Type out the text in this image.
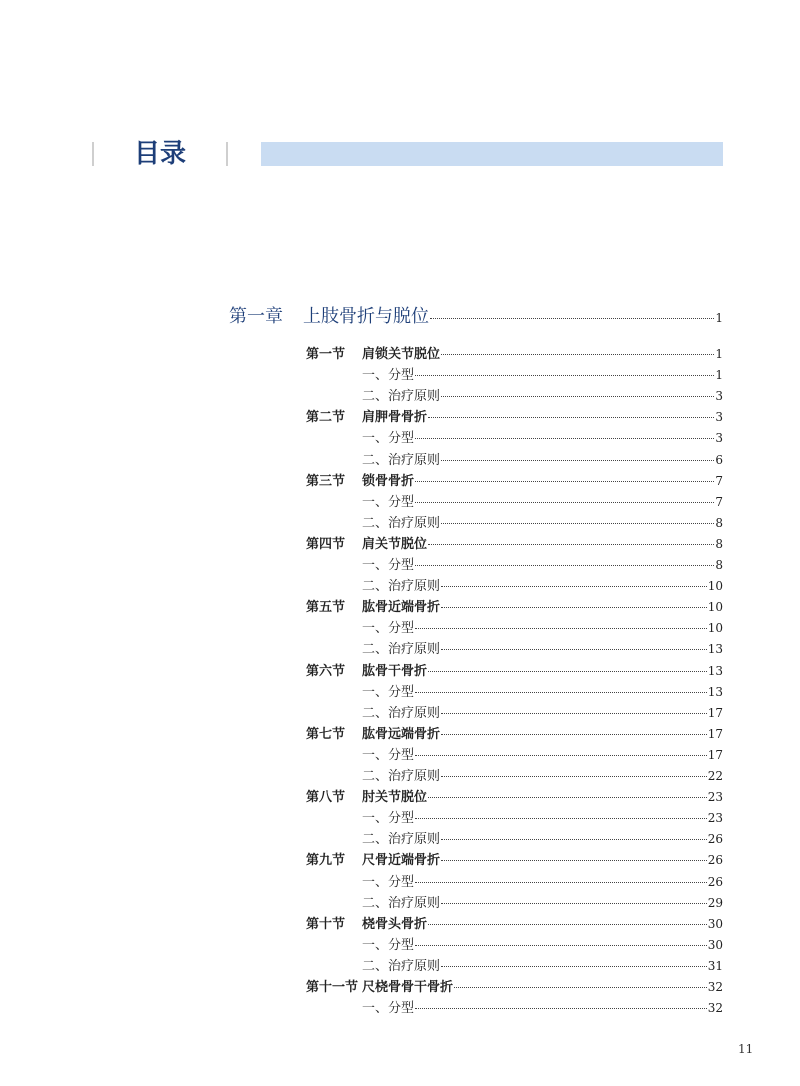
目录
第一章 上肢骨折与脱位	1
第一节 肩锁关节脱位	1
一、分型	1
二、治疗原则	3
第二节 肩胛骨骨折	3
一、分型	3
二、治疗原则	6
第三节 锁骨骨折	7
一、分型	7
二、治疗原则	8
第四节 肩关节脱位	8
一、分型	8
二、治疗原则	10
第五节 肱骨近端骨折	10
一、分型	10
二、治疗原则	13
第六节 肱骨干骨折	13
一、分型	13
二、治疗原则	17
第七节 肱骨远端骨折	17
一、分型	17
二、治疗原则	22
第八节 肘关节脱位	23
一、分型	23
二、治疗原则	26
第九节 尺骨近端骨折	26
一、分型	26
二、治疗原则	29
第十节 桡骨头骨折	30
一、分型	30
二、治疗原则	31
第十一节 尺桡骨骨干骨折	32
一、分型	32
11
